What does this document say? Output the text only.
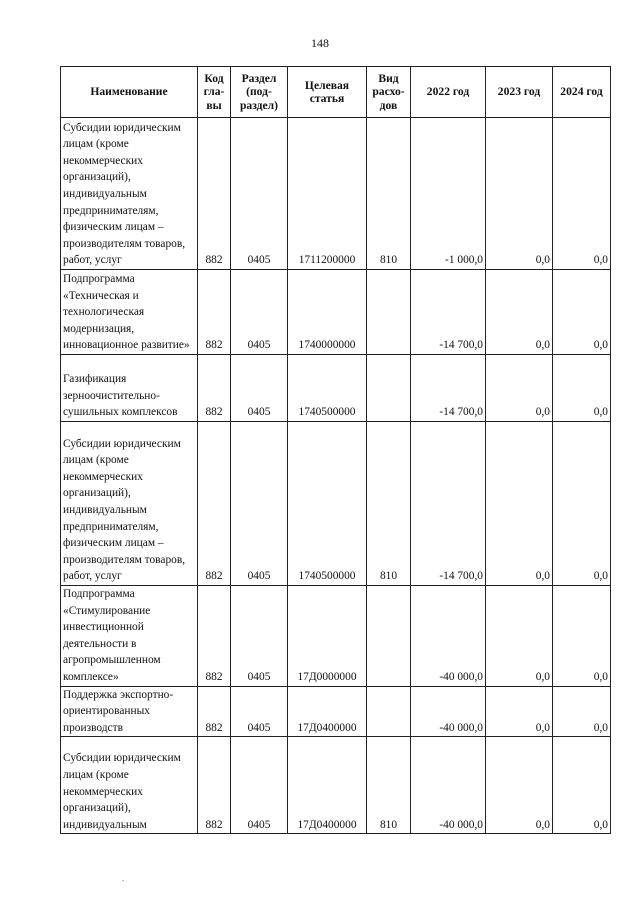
148
Наименование	Код
гла-
вы	Раздел
(под-
раздел)	Целевая
статья	Вид
расхо-
дов	2022 год	2023 год	2024 год
Субсидии юридическим лицам (кроме некоммерческих организаций), индивидуальным предпринимателям, физическим лицам – производителям товаров, работ, услуг	882	0405	1711200000	810	-1 000,0	0,0	0,0
Подпрограмма «Техническая и технологическая модернизация, инновационное развитие»	882	0405	1740000000		-14 700,0	0,0	0,0
Газификация зерноочистительно-сушильных комплексов	882	0405	1740500000		-14 700,0	0,0	0,0
Субсидии юридическим лицам (кроме некоммерческих организаций), индивидуальным предпринимателям, физическим лицам – производителям товаров, работ, услуг	882	0405	1740500000	810	-14 700,0	0,0	0,0
Подпрограмма «Стимулирование инвестиционной деятельности в агропромышленном комплексе»	882	0405	17Д0000000		-40 000,0	0,0	0,0
Поддержка экспортно-ориентированных производств	882	0405	17Д0400000		-40 000,0	0,0	0,0
Субсидии юридическим лицам (кроме некоммерческих организаций), индивидуальным	882	0405	17Д0400000	810	-40 000,0	0,0	0,0
